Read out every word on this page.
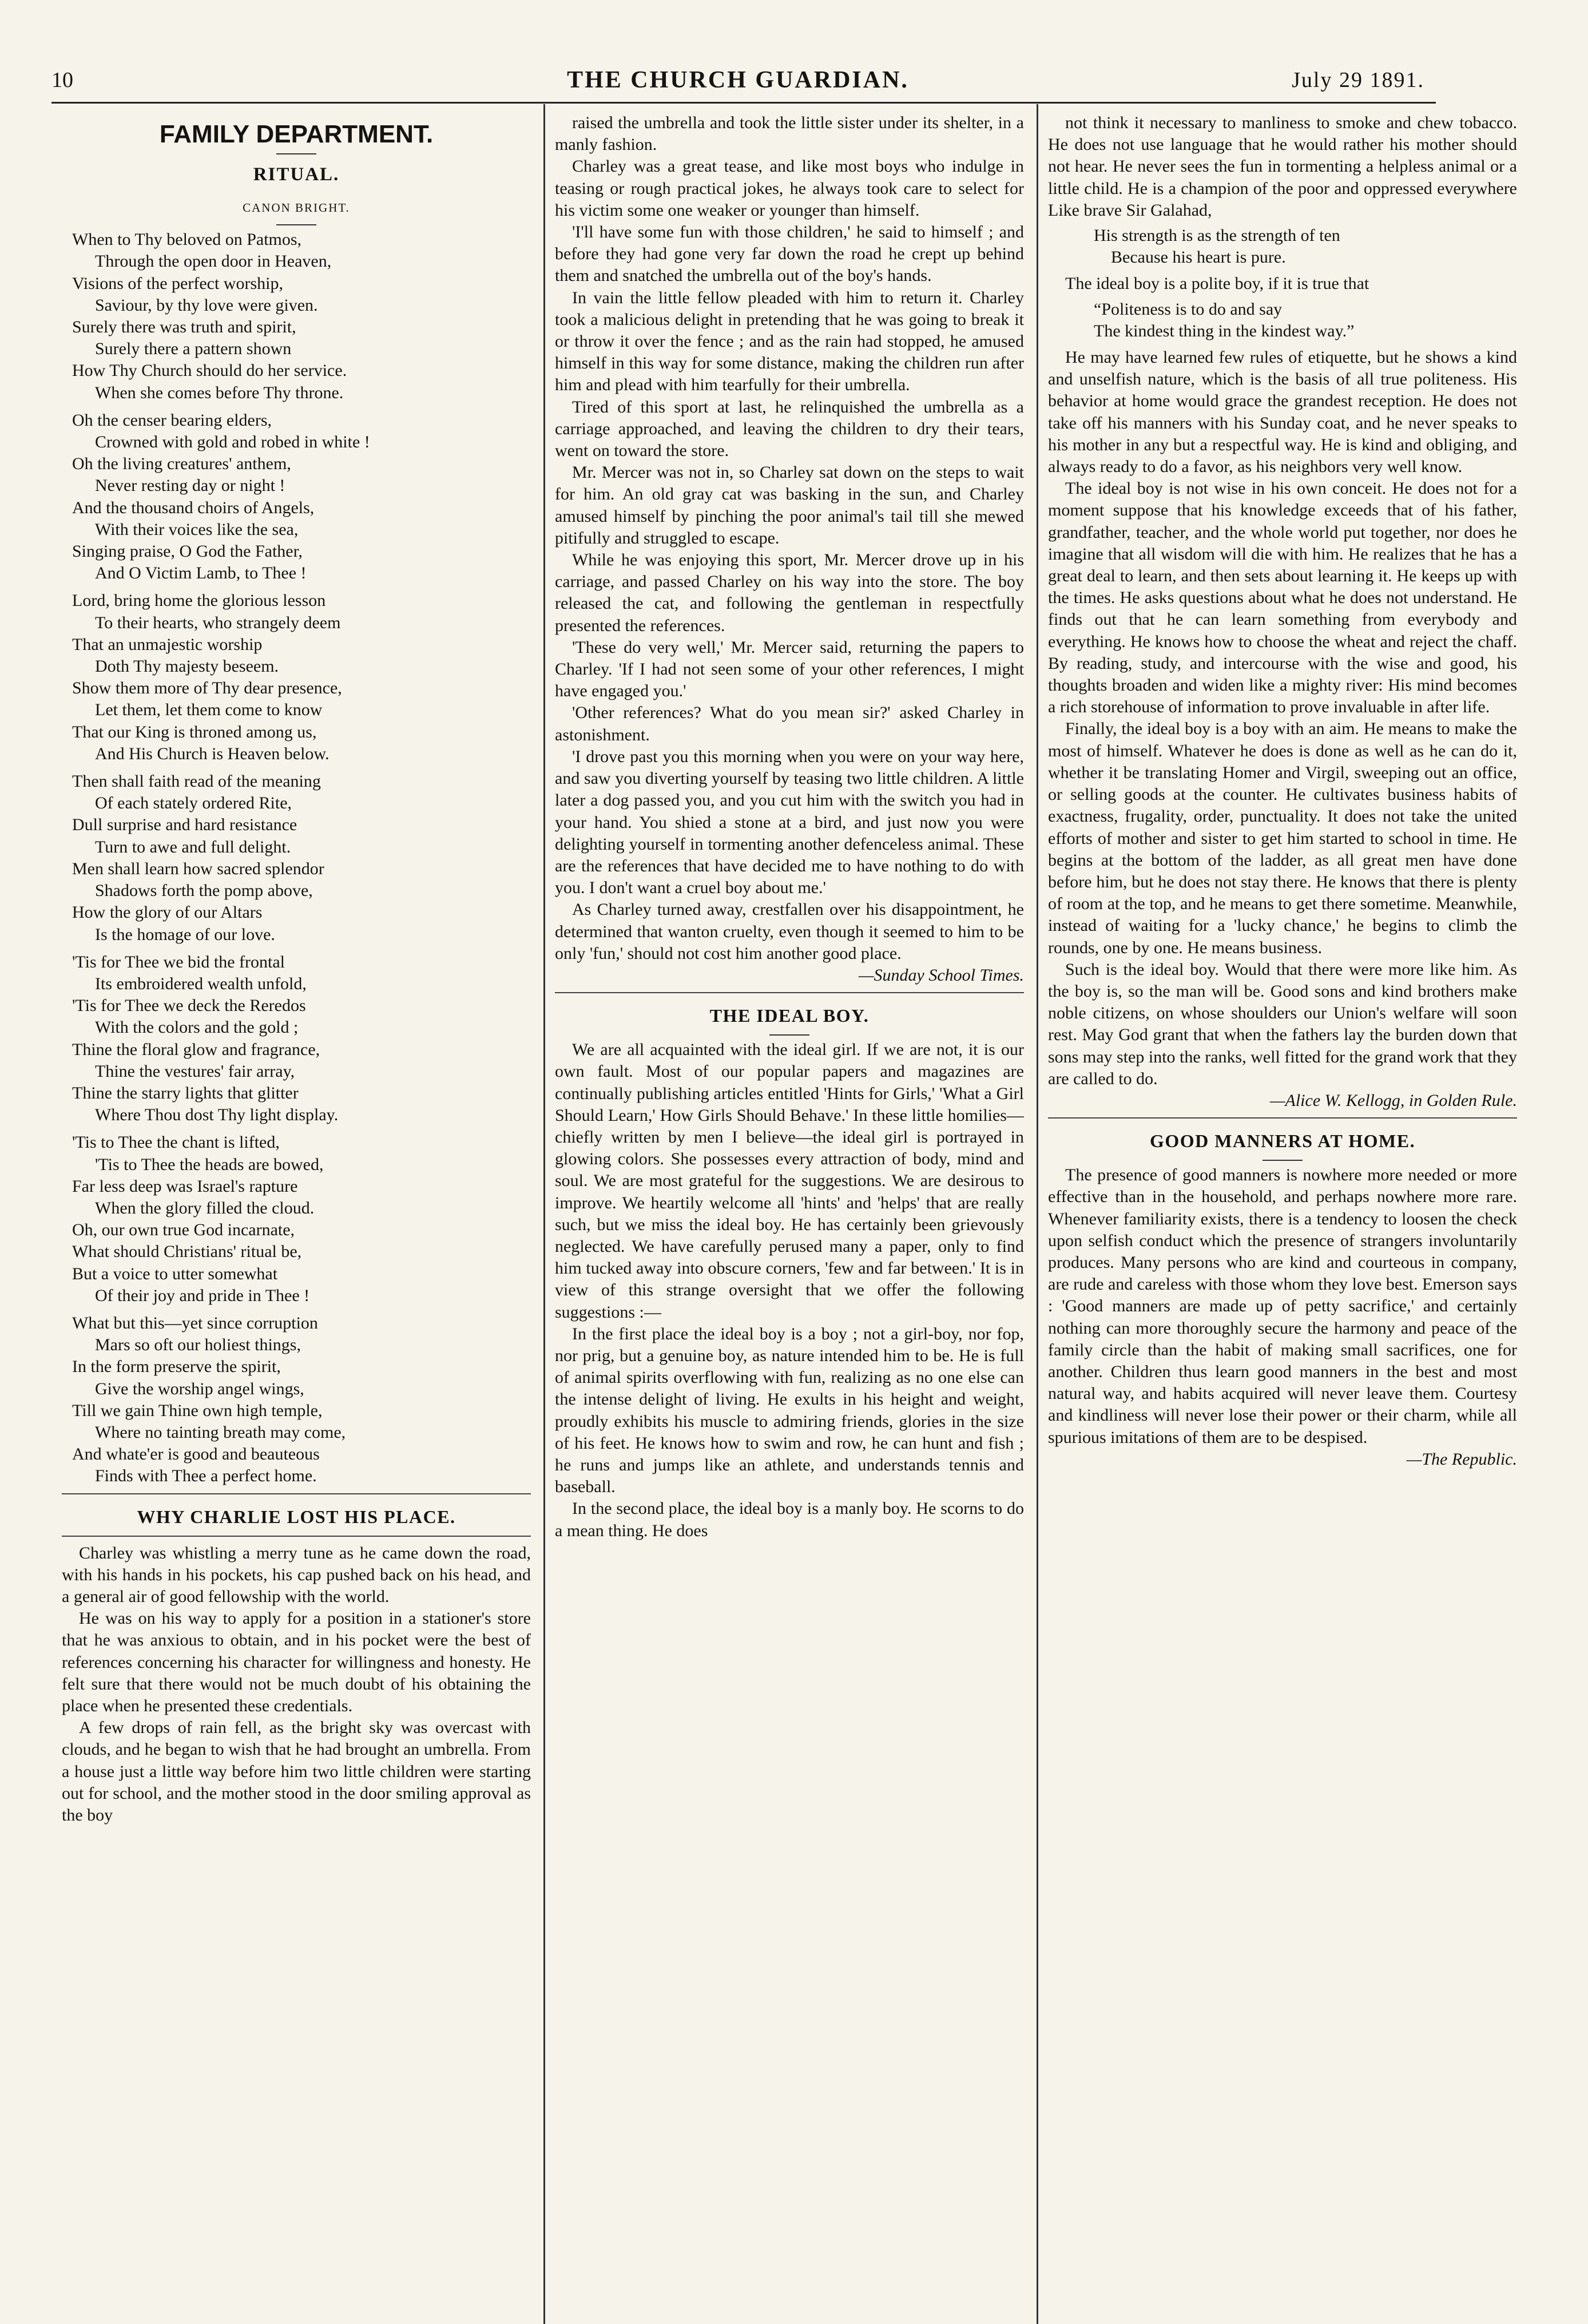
10	THE CHURCH GUARDIAN.	July 29 1891.
FAMILY DEPARTMENT.
RITUAL.
CANON BRIGHT.
When to Thy beloved on Patmos,
Through the open door in Heaven,
Visions of the perfect worship,
Saviour, by thy love were given.
Surely there was truth and spirit,
Surely there a pattern shown
How Thy Church should do her service.
When she comes before Thy throne.
Oh the censer bearing elders,
Crowned with gold and robed in white !
Oh the living creatures' anthem,
Never resting day or night !
And the thousand choirs of Angels,
With their voices like the sea,
Singing praise, O God the Father,
And O Victim Lamb, to Thee !
Lord, bring home the glorious lesson
To their hearts, who strangely deem
That an unmajestic worship
Doth Thy majesty beseem.
Show them more of Thy dear presence,
Let them, let them come to know
That our King is throned among us,
And His Church is Heaven below.
Then shall faith read of the meaning
Of each stately ordered Rite,
Dull surprise and hard resistance
Turn to awe and full delight.
Men shall learn how sacred splendor
Shadows forth the pomp above,
How the glory of our Altars
Is the homage of our love.
'Tis for Thee we bid the frontal
Its embroidered wealth unfold,
'Tis for Thee we deck the Reredos
With the colors and the gold ;
Thine the floral glow and fragrance,
Thine the vestures' fair array,
Thine the starry lights that glitter
Where Thou dost Thy light display.
'Tis to Thee the chant is lifted,
'Tis to Thee the heads are bowed,
Far less deep was Israel's rapture
When the glory filled the cloud.
Oh, our own true God incarnate,
What should Christians' ritual be,
But a voice to utter somewhat
Of their joy and pride in Thee !
What but this—yet since corruption
Mars so oft our holiest things,
In the form preserve the spirit,
Give the worship angel wings,
Till we gain Thine own high temple,
Where no tainting breath may come,
And whate'er is good and beauteous
Finds with Thee a perfect home.
WHY CHARLIE LOST HIS PLACE.

Charley was whistling a merry tune as he came down the road, with his hands in his pockets, his cap pushed back on his head, and a general air of good fellowship with the world.

He was on his way to apply for a position in a stationer's store that he was anxious to obtain, and in his pocket were the best of references concerning his character for willingness and honesty. He felt sure that there would not be much doubt of his obtaining the place when he presented these credentials.

A few drops of rain fell, as the bright sky was overcast with clouds, and he began to wish that he had brought an umbrella. From a house just a little way before him two little children were starting out for school, and the mother stood in the door smiling approval as the boy

raised the umbrella and took the little sister under its shelter, in a manly fashion.

Charley was a great tease, and like most boys who indulge in teasing or rough practical jokes, he always took care to select for his victim some one weaker or younger than himself.

'I'll have some fun with those children,' he said to himself ; and before they had gone very far down the road he crept up behind them and snatched the umbrella out of the boy's hands.

In vain the little fellow pleaded with him to return it. Charley took a malicious delight in pretending that he was going to break it or throw it over the fence ; and as the rain had stopped, he amused himself in this way for some distance, making the children run after him and plead with him tearfully for their umbrella.

Tired of this sport at last, he relinquished the umbrella as a carriage approached, and leaving the children to dry their tears, went on toward the store.

Mr. Mercer was not in, so Charley sat down on the steps to wait for him. An old gray cat was basking in the sun, and Charley amused himself by pinching the poor animal's tail till she mewed pitifully and struggled to escape.

While he was enjoying this sport, Mr. Mercer drove up in his carriage, and passed Charley on his way into the store. The boy released the cat, and following the gentleman in respectfully presented the references.

'These do very well,' Mr. Mercer said, returning the papers to Charley. 'If I had not seen some of your other references, I might have engaged you.'

'Other references? What do you mean sir?' asked Charley in astonishment.

'I drove past you this morning when you were on your way here, and saw you diverting yourself by teasing two little children. A little later a dog passed you, and you cut him with the switch you had in your hand. You shied a stone at a bird, and just now you were delighting yourself in tormenting another defenceless animal. These are the references that have decided me to have nothing to do with you. I don't want a cruel boy about me.'

As Charley turned away, crestfallen over his disappointment, he determined that wanton cruelty, even though it seemed to him to be only 'fun,' should not cost him another good place.

—Sunday School Times.

THE IDEAL BOY.

We are all acquainted with the ideal girl. If we are not, it is our own fault. Most of our popular papers and magazines are continually publishing articles entitled 'Hints for Girls,' 'What a Girl Should Learn,' How Girls Should Behave.' In these little homilies—chiefly written by men I believe—the ideal girl is portrayed in glowing colors. She possesses every attraction of body, mind and soul. We are most grateful for the suggestions. We are desirous to improve. We heartily welcome all 'hints' and 'helps' that are really such, but we miss the ideal boy. He has certainly been grievously neglected. We have carefully perused many a paper, only to find him tucked away into obscure corners, 'few and far between.' It is in view of this strange oversight that we offer the following suggestions :—

In the first place the ideal boy is a boy ; not a girl-boy, nor fop, nor prig, but a genuine boy, as nature intended him to be. He is full of animal spirits overflowing with fun, realizing as no one else can the intense delight of living. He exults in his height and weight, proudly exhibits his muscle to admiring friends, glories in the size of his feet. He knows how to swim and row, he can hunt and fish ; he runs and jumps like an athlete, and understands tennis and baseball.

In the second place, the ideal boy is a manly boy. He scorns to do a mean thing. He does

not think it necessary to manliness to smoke and chew tobacco. He does not use language that he would rather his mother should not hear. He never sees the fun in tormenting a helpless animal or a little child. He is a champion of the poor and oppressed everywhere Like brave Sir Galahad,

His strength is as the strength of ten
Because his heart is pure.

The ideal boy is a polite boy, if it is true that

“Politeness is to do and say
The kindest thing in the kindest way.”

He may have learned few rules of etiquette, but he shows a kind and unselfish nature, which is the basis of all true politeness. His behavior at home would grace the grandest reception. He does not take off his manners with his Sunday coat, and he never speaks to his mother in any but a respectful way. He is kind and obliging, and always ready to do a favor, as his neighbors very well know.

The ideal boy is not wise in his own conceit. He does not for a moment suppose that his knowledge exceeds that of his father, grandfather, teacher, and the whole world put together, nor does he imagine that all wisdom will die with him. He realizes that he has a great deal to learn, and then sets about learning it. He keeps up with the times. He asks questions about what he does not understand. He finds out that he can learn something from everybody and everything. He knows how to choose the wheat and reject the chaff. By reading, study, and intercourse with the wise and good, his thoughts broaden and widen like a mighty river: His mind becomes a rich storehouse of information to prove invaluable in after life.

Finally, the ideal boy is a boy with an aim. He means to make the most of himself. Whatever he does is done as well as he can do it, whether it be translating Homer and Virgil, sweeping out an office, or selling goods at the counter. He cultivates business habits of exactness, frugality, order, punctuality. It does not take the united efforts of mother and sister to get him started to school in time. He begins at the bottom of the ladder, as all great men have done before him, but he does not stay there. He knows that there is plenty of room at the top, and he means to get there sometime. Meanwhile, instead of waiting for a 'lucky chance,' he begins to climb the rounds, one by one. He means business.

Such is the ideal boy. Would that there were more like him. As the boy is, so the man will be. Good sons and kind brothers make noble citizens, on whose shoulders our Union's welfare will soon rest. May God grant that when the fathers lay the burden down that sons may step into the ranks, well fitted for the grand work that they are called to do.

—Alice W. Kellogg, in Golden Rule.

GOOD MANNERS AT HOME.

The presence of good manners is nowhere more needed or more effective than in the household, and perhaps nowhere more rare. Whenever familiarity exists, there is a tendency to loosen the check upon selfish conduct which the presence of strangers involuntarily produces. Many persons who are kind and courteous in company, are rude and careless with those whom they love best. Emerson says : 'Good manners are made up of petty sacrifice,' and certainly nothing can more thoroughly secure the harmony and peace of the family circle than the habit of making small sacrifices, one for another. Children thus learn good manners in the best and most natural way, and habits acquired will never leave them. Courtesy and kindliness will never lose their power or their charm, while all spurious imitations of them are to be despised.

—The Republic.
